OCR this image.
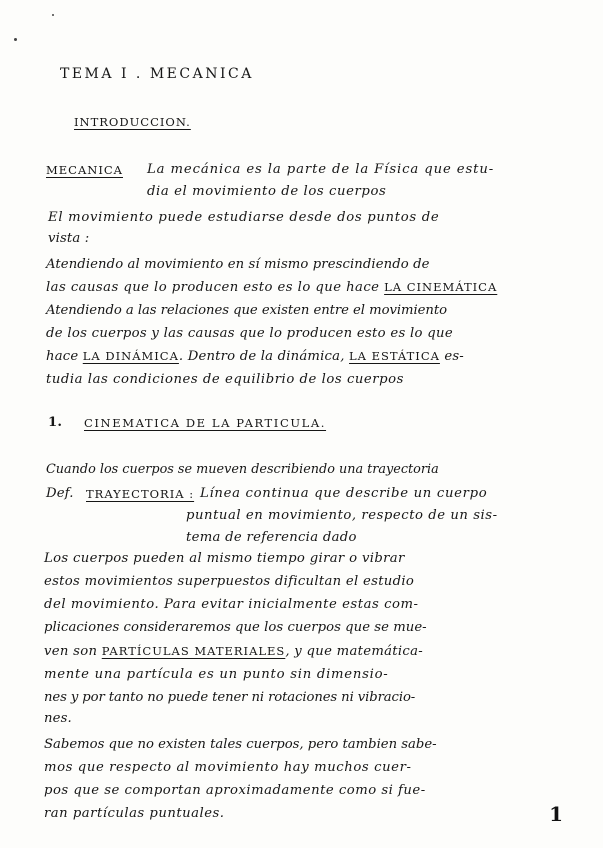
TEMA I . MECANICA
INTRODUCCION.
MECANICA La mecánica es la parte de la Física que estu-
dia el movimiento de los cuerpos
El movimiento puede estudiarse desde dos puntos de
vista :
Atendiendo al movimiento en sí mismo prescindiendo de
las causas que lo producen esto es lo que hace LA CINEMÁTICA
Atendiendo a las relaciones que existen entre el movimiento
de los cuerpos y las causas que lo producen esto es lo que
hace LA DINÁMICA. Dentro de la dinámica, LA ESTÁTICA es-
tudia las condiciones de equilibrio de los cuerpos
1. CINEMATICA DE LA PARTICULA.
Cuando los cuerpos se mueven describiendo una trayectoria
Def. TRAYECTORIA : Línea continua que describe un cuerpo
puntual en movimiento, respecto de un sis-
tema de referencia dado
Los cuerpos pueden al mismo tiempo girar o vibrar
estos movimientos superpuestos dificultan el estudio
del movimiento. Para evitar inicialmente estas com-
plicaciones consideraremos que los cuerpos que se mue-
ven son PARTÍCULAS MATERIALES, y que matemática-
mente una partícula es un punto sin dimensio-
nes y por tanto no puede tener ni rotaciones ni vibracio-
nes.
Sabemos que no existen tales cuerpos, pero tambien sabe-
mos que respecto al movimiento hay muchos cuer-
pos que se comportan aproximadamente como si fue-
ran partículas puntuales.	1
